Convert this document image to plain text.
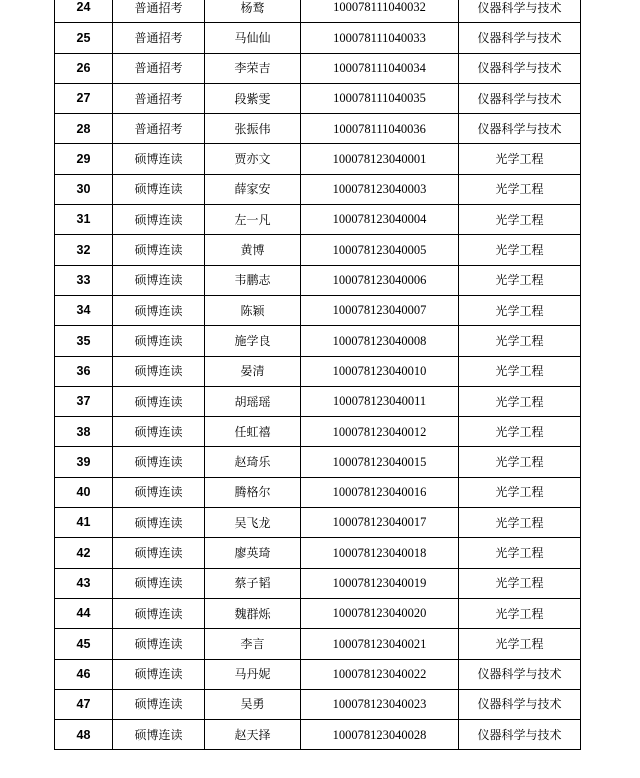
24	普通招考	杨鹜	100078111040032	仪器科学与技术
25	普通招考	马仙仙	100078111040033	仪器科学与技术
26	普通招考	李荣吉	100078111040034	仪器科学与技术
27	普通招考	段紫雯	100078111040035	仪器科学与技术
28	普通招考	张振伟	100078111040036	仪器科学与技术
29	硕博连读	贾亦文	100078123040001	光学工程
30	硕博连读	薛家安	100078123040003	光学工程
31	硕博连读	左一凡	100078123040004	光学工程
32	硕博连读	黄博	100078123040005	光学工程
33	硕博连读	韦鹏志	100078123040006	光学工程
34	硕博连读	陈颖	100078123040007	光学工程
35	硕博连读	施学良	100078123040008	光学工程
36	硕博连读	晏清	100078123040010	光学工程
37	硕博连读	胡瑶瑶	100078123040011	光学工程
38	硕博连读	任虹禧	100078123040012	光学工程
39	硕博连读	赵琦乐	100078123040015	光学工程
40	硕博连读	腾格尔	100078123040016	光学工程
41	硕博连读	吴飞龙	100078123040017	光学工程
42	硕博连读	廖英琦	100078123040018	光学工程
43	硕博连读	蔡子韬	100078123040019	光学工程
44	硕博连读	魏群烁	100078123040020	光学工程
45	硕博连读	李言	100078123040021	光学工程
46	硕博连读	马丹妮	100078123040022	仪器科学与技术
47	硕博连读	吴勇	100078123040023	仪器科学与技术
48	硕博连读	赵天择	100078123040028	仪器科学与技术
